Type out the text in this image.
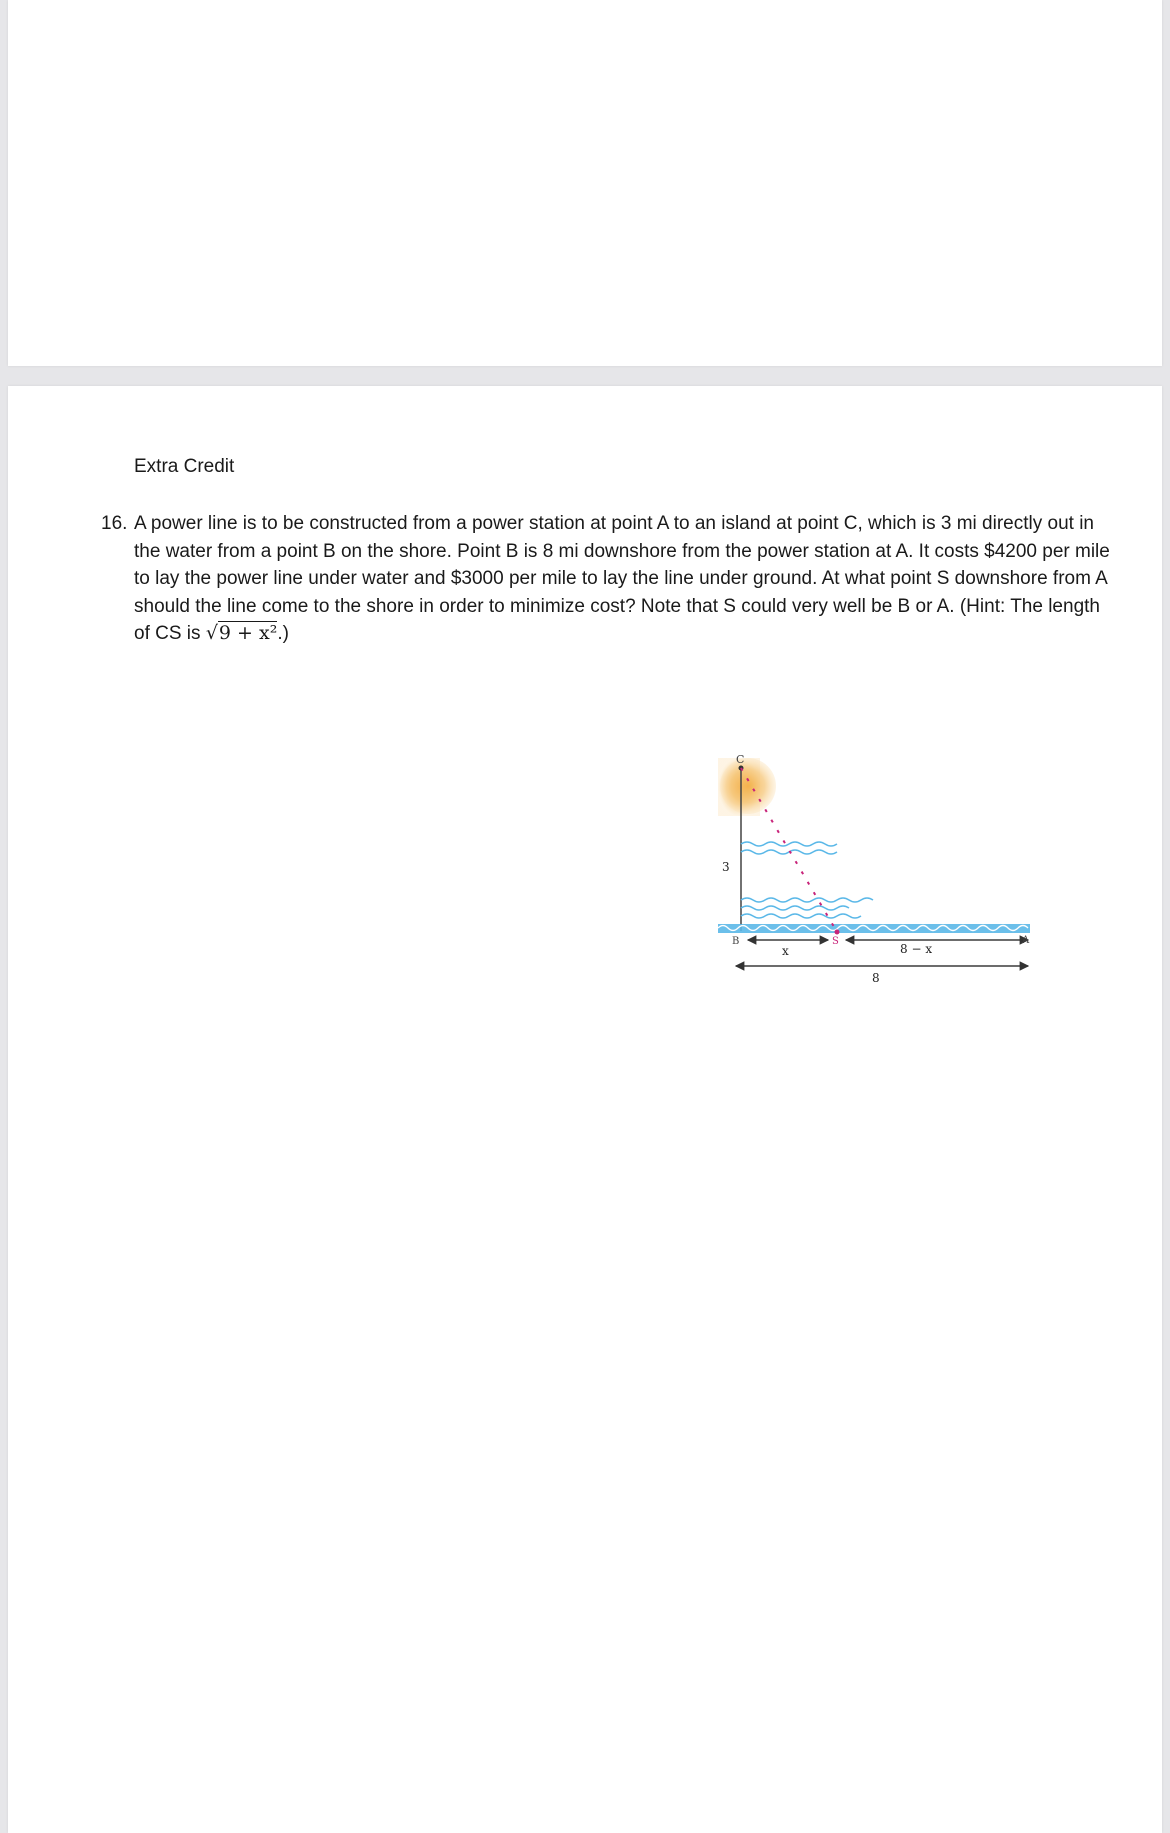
Extra Credit
16. A power line is to be constructed from a power station at point A to an island at point C, which is 3 mi directly out in the water from a point B on the shore. Point B is 8 mi downshore from the power station at A. It costs $4200 per mile to lay the power line under water and $3000 per mile to lay the line under ground. At what point S downshore from A should the line come to the shore in order to minimize cost? Note that S could very well be B or A. (Hint: The length of CS is √9 + x².)
C
3
B
x
S
8 − x
A
8
